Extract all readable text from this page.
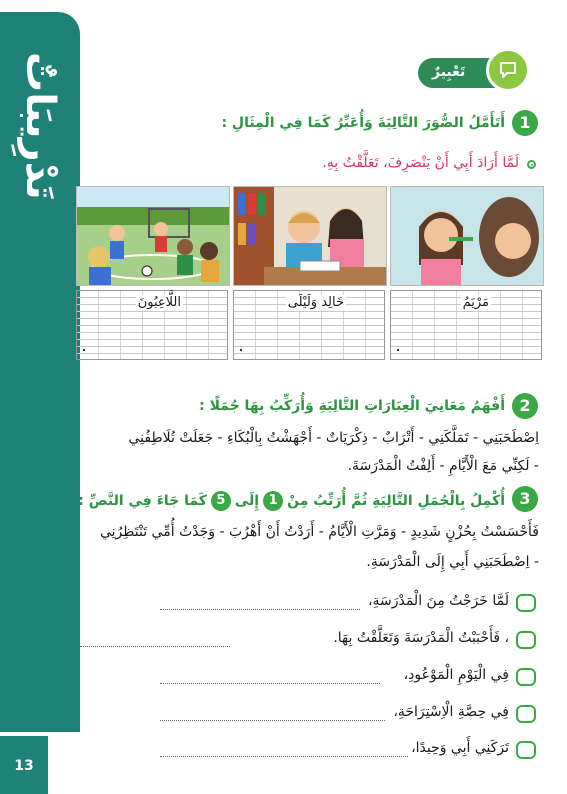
تَدْرِيبَاتٌ
13
تَعْبِيرٌ
1
أَتَأَمَّلُ الصُّوَرَ التَّالِيَةَ وَأُعَبِّرُ كَمَا فِي الْمِثَالِ :
لَمَّا أَرَادَ أَبِي أَنْ يَنْصَرِفَ، تَعَلَّقْتُ بِهِ.
اللَّاعِبُونَ	خَالِد وَلَيْلَى	مَرْيَمُ
2
أَفْهَمُ مَعَانِيَ الْعِبَارَاتِ التَّالِيَةِ وَأُرَكِّبُ بِهَا جُمَلًا :
اِصْطَحَبَنِي - تَمَلَّكَنِي - أَتْرَابٌ - ذِكْرَيَاتٌ - أَجْهَشْتُ بِالْبُكَاءِ - جَعَلَتْ تُلَاطِفُنِي
- لَكِنِّي مَعَ الْأَيَّامِ - أَلِفْتُ الْمَدْرَسَةَ.
3
أُكْمِلُ بِالْجُمَلِ التَّالِيَةِ ثُمَّ أُرَتِّبُ مِنْ
1
إِلَى
5
كَمَا جَاءَ فِي النَّصِّ :
فَأَحْسَسْتُ بِحُزْنٍ شَدِيدٍ - وَمَرَّتِ الْأَيَّامُ - أَرَدْتُ أَنْ أَهْرُبَ - وَجَدْتُ أُمِّي تَنْتَظِرُنِي
- اِصْطَحَبَنِي أَبِي إِلَى الْمَدْرَسَةِ.
لَمَّا خَرَجْتُ مِنَ الْمَدْرَسَةِ،
، فَأَحْبَبْتُ الْمَدْرَسَةَ وَتَعَلَّقْتُ بِهَا.
فِي الْيَوْمِ الْمَوْعُودِ،
فِي حِصَّةِ الْاِسْتِرَاحَةِ،
تَرَكَنِي أَبِي وَحِيدًا،
